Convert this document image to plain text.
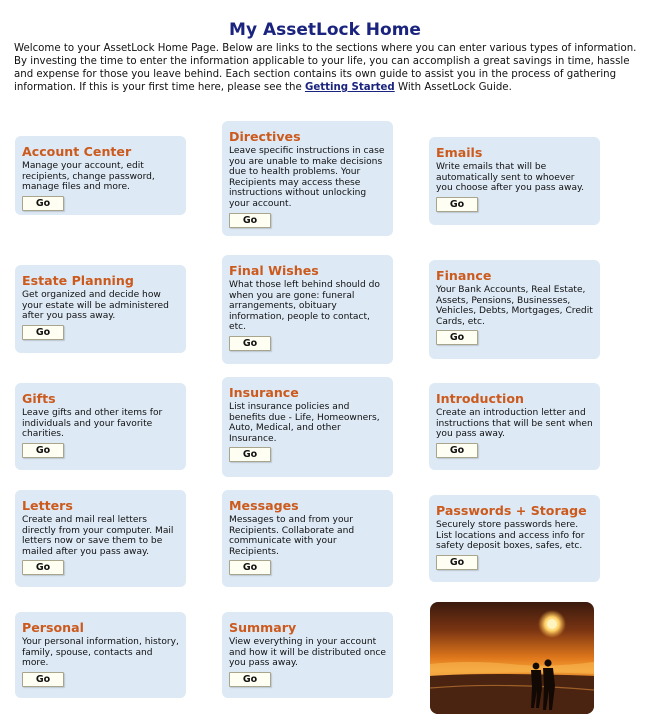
My AssetLock Home

Welcome to your AssetLock Home Page. Below are links to the sections where you can enter various types of information. By investing the time to enter the information applicable to your life, you can accomplish a great savings in time, hassle and expense for those you leave behind. Each section contains its own guide to assist you in the process of gathering information. If this is your first time here, please see the Getting Started With AssetLock Guide.

Account Center

Manage your account, edit recipients, change password, manage files and more.

Go
Directives

Leave specific instructions in case you are unable to make decisions due to health problems. Your Recipients may access these instructions without unlocking your account.

Go
Emails

Write emails that will be automatically sent to whoever you choose after you pass away.

Go
Estate Planning

Get organized and decide how your estate will be administered after you pass away.

Go
Final Wishes

What those left behind should do when you are gone: funeral arrangements, obituary information, people to contact, etc.

Go
Finance

Your Bank Accounts, Real Estate, Assets, Pensions, Businesses, Vehicles, Debts, Mortgages, Credit Cards, etc.

Go
Gifts

Leave gifts and other items for individuals and your favorite charities.

Go
Insurance

List insurance policies and benefits due - Life, Homeowners, Auto, Medical, and other Insurance.

Go
Introduction

Create an introduction letter and instructions that will be sent when you pass away.

Go
Letters

Create and mail real letters directly from your computer. Mail letters now or save them to be mailed after you pass away.

Go
Messages

Messages to and from your Recipients. Collaborate and communicate with your Recipients.

Go
Passwords + Storage

Securely store passwords here. List locations and access info for safety deposit boxes, safes, etc.

Go
Personal

Your personal information, history, family, spouse, contacts and more.

Go
Summary

View everything in your account and how it will be distributed once you pass away.

Go
